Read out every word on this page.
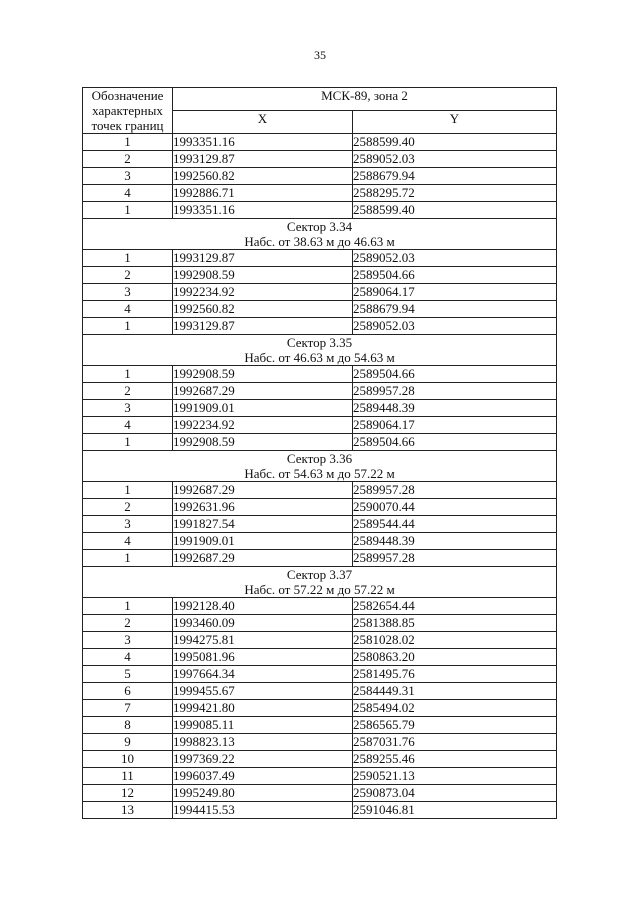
35
Обозначение характерных точек границ	МСК-89, зона 2	
	X	Y
1	1993351.16	2588599.40
2	1993129.87	2589052.03
3	1992560.82	2588679.94
4	1992886.71	2588295.72
1	1993351.16	2588599.40

Сектор 3.34
Набс. от 38.63 м до 46.63 м		

1	1993129.87	2589052.03
2	1992908.59	2589504.66
3	1992234.92	2589064.17
4	1992560.82	2588679.94
1	1993129.87	2589052.03

Сектор 3.35
Набс. от 46.63 м до 54.63 м		

1	1992908.59	2589504.66
2	1992687.29	2589957.28
3	1991909.01	2589448.39
4	1992234.92	2589064.17
1	1992908.59	2589504.66

Сектор 3.36
Набс. от 54.63 м до 57.22 м		

1	1992687.29	2589957.28
2	1992631.96	2590070.44
3	1991827.54	2589544.44
4	1991909.01	2589448.39
1	1992687.29	2589957.28

Сектор 3.37
Набс. от 57.22 м до 57.22 м		

1	1992128.40	2582654.44
2	1993460.09	2581388.85
3	1994275.81	2581028.02
4	1995081.96	2580863.20
5	1997664.34	2581495.76
6	1999455.67	2584449.31
7	1999421.80	2585494.02
8	1999085.11	2586565.79
9	1998823.13	2587031.76
10	1997369.22	2589255.46
11	1996037.49	2590521.13
12	1995249.80	2590873.04
13	1994415.53	2591046.81
